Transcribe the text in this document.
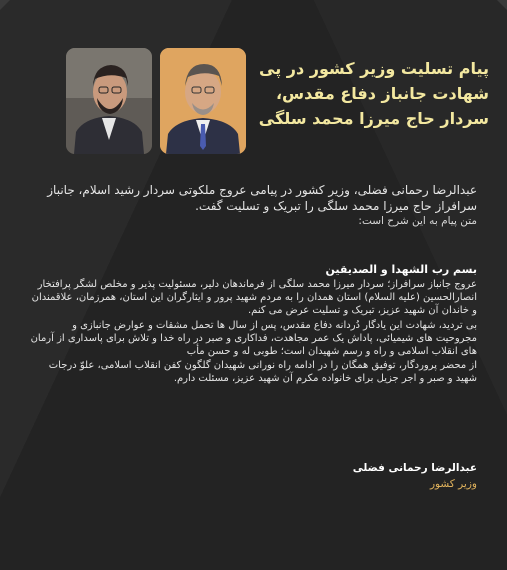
پیام تسلیت وزیر کشور در پی
شهادت جانباز دفاع مقدس،
سردار حاج میرزا محمد سلگی

عبدالرضا رحمانی فضلی، وزیر کشور در پیامی عروج ملکوتی سردار رشید اسلام، جانباز سرافراز حاج میرزا محمد سلگی را تبریک و تسلیت گفت.

متن پیام به این شرح است:

بسم رب الشهدا و الصدیقین

عروج جانباز سرافراز؛ سردار میرزا محمد سلگی از فرماندهان دلیر، مسئولیت پذیر و مخلص لشگر پرافتخار انصارالحسین (علیه السلام) استان همدان را به مردم شهید پرور و ایثارگران این استان، همرزمان، علاقمندان و خاندان آن شهید عزیز، تبریک و تسلیت عرض می کنم.

بی تردید، شهادت این یادگار دُردانه دفاع مقدس، پس از سال ها تحمل مشقات و عوارض جانبازی و مجروحیت های شیمیائی، پاداش یک عمر مجاهدت، فداکاری و صبر در راه خدا و تلاش برای پاسداری از آرمان های انقلاب اسلامی و راه و رسم شهیدان است؛ طوبی له و حسن مأب

از محضر پروردگار، توفیق همگان را در ادامه راه نورانی شهیدان گلگون کفن انقلاب اسلامی، علوّ درجات شهید و صبر و اجر جزیل برای خانواده مکرم آن شهید عزیز، مسئلت دارم.

عبدالرضا رحمانی فضلی
وزیر کشور
